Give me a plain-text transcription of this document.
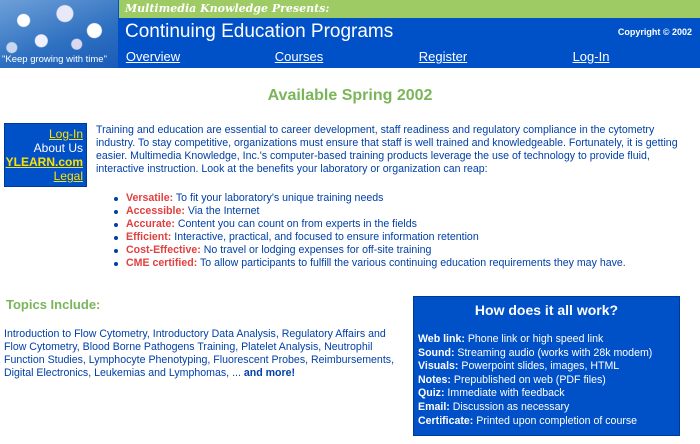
"Keep growing with time"
Multimedia Knowledge Presents:
Continuing Education Programs	Copyright © 2002
Overview	Courses	Register	Log-In
Available Spring 2002
Log-In
About Us
YLEARN.com
Legal
Training and education are essential to career development, staff readiness and regulatory compliance in the cytometry industry. To stay competitive, organizations must ensure that staff is well trained and knowledgeable. Fortunately, it is getting easier. Multimedia Knowledge, Inc.'s computer-based training products leverage the use of technology to provide fluid, interactive instruction. Look at the benefits your laboratory or organization can reap:
Versatile: To fit your laboratory's unique training needs
Accessible: Via the Internet
Accurate: Content you can count on from experts in the fields
Efficient: Interactive, practical, and focused to ensure information retention
Cost-Effective: No travel or lodging expenses for off-site training
CME certified: To allow participants to fulfill the various continuing education requirements they may have.
Topics Include:
Introduction to Flow Cytometry, Introductory Data Analysis, Regulatory Affairs and Flow Cytometry, Blood Borne Pathogens Training, Platelet Analysis, Neutrophil Function Studies, Lymphocyte Phenotyping, Fluorescent Probes, Reimbursements, Digital Electronics, Leukemias and Lymphomas, ... and more!
How does it all work?
Web link: Phone link or high speed link
Sound: Streaming audio (works with 28k modem)
Visuals: Powerpoint slides, images, HTML
Notes: Prepublished on web (PDF files)
Quiz: Immediate with feedback
Email: Discussion as necessary
Certificate: Printed upon completion of course
